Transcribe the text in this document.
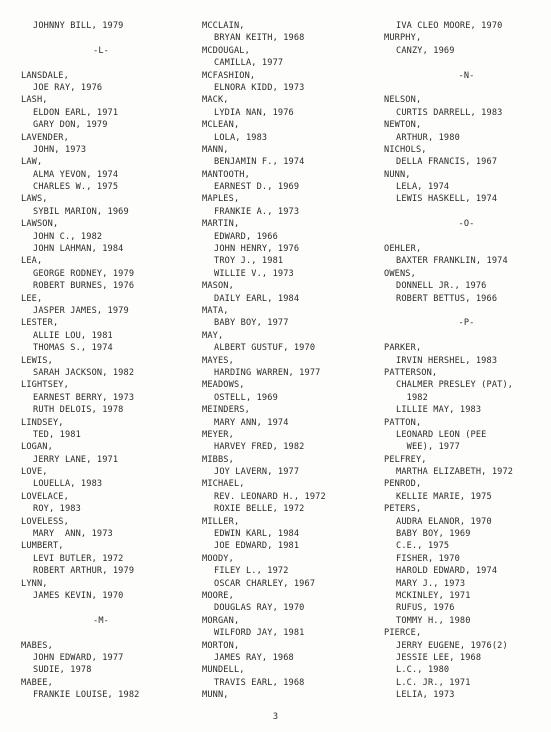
JOHNNY BILL, 1979
-L-
LANSDALE,
JOE RAY, 1976
LASH,
ELDON EARL, 1971
GARY DON, 1979
LAVENDER,
JOHN, 1973
LAW,
ALMA YEVON, 1974
CHARLES W., 1975
LAWS,
SYBIL MARION, 1969
LAWSON,
JOHN C., 1982
JOHN LAHMAN, 1984
LEA,
GEORGE RODNEY, 1979
ROBERT BURNES, 1976
LEE,
JASPER JAMES, 1979
LESTER,
ALLIE LOU, 1981
THOMAS S., 1974
LEWIS,
SARAH JACKSON, 1982
LIGHTSEY,
EARNEST BERRY, 1973
RUTH DELOIS, 1978
LINDSEY,
TED, 1981
LOGAN,
JERRY LANE, 1971
LOVE,
LOUELLA, 1983
LOVELACE,
ROY, 1983
LOVELESS,
MARY  ANN, 1973
LUMBERT,
LEVI BUTLER, 1972
ROBERT ARTHUR, 1979
LYNN,
JAMES KEVIN, 1970
-M-
MABES,
JOHN EDWARD, 1977
SUDIE, 1978
MABEE,
FRANKIE LOUISE, 1982
MCCLAIN,
BRYAN KEITH, 1968
MCDOUGAL,
CAMILLA, 1977
MCFASHION,
ELNORA KIDD, 1973
MACK,
LYDIA NAN, 1976
MCLEAN,
LOLA, 1983
MANN,
BENJAMIN F., 1974
MANTOOTH,
EARNEST D., 1969
MAPLES,
FRANKIE A., 1973
MARTIN,
EDWARD, 1966
JOHN HENRY, 1976
TROY J., 1981
WILLIE V., 1973
MASON,
DAILY EARL, 1984
MATA,
BABY BOY, 1977
MAY,
ALBERT GUSTUF, 1970
MAYES,
HARDING WARREN, 1977
MEADOWS,
OSTELL, 1969
MEINDERS,
MARY ANN, 1974
MEYER,
HARVEY FRED, 1982
MIBBS,
JOY LAVERN, 1977
MICHAEL,
REV. LEONARD H., 1972
ROXIE BELLE, 1972
MILLER,
EDWIN KARL, 1984
JOE EDWARD, 1981
MOODY,
FILEY L., 1972
OSCAR CHARLEY, 1967
MOORE,
DOUGLAS RAY, 1970
MORGAN,
WILFORD JAY, 1981
MORTON,
JAMES RAY, 1968
MUNDELL,
TRAVIS EARL, 1968
MUNN,
IVA CLEO MOORE, 1970
MURPHY,
CANZY, 1969
-N-
NELSON,
CURTIS DARRELL, 1983
NEWTON,
ARTHUR, 1980
NICHOLS,
DELLA FRANCIS, 1967
NUNN,
LELA, 1974
LEWIS HASKELL, 1974
-O-
OEHLER,
BAXTER FRANKLIN, 1974
OWENS,
DONNELL JR., 1976
ROBERT BETTUS, 1966
-P-
PARKER,
IRVIN HERSHEL, 1983
PATTERSON,
CHALMER PRESLEY (PAT),
1982
LILLIE MAY, 1983
PATTON,
LEONARD LEON (PEE
WEE), 1977
PELFREY,
MARTHA ELIZABETH, 1972
PENROD,
KELLIE MARIE, 1975
PETERS,
AUDRA ELANOR, 1970
BABY BOY, 1969
C.E., 1975
FISHER, 1970
HAROLD EDWARD, 1974
MARY J., 1973
MCKINLEY, 1971
RUFUS, 1976
TOMMY H., 1980
PIERCE,
JERRY EUGENE, 1976(2)
JESSIE LEE, 1968
L.C., 1980
L.C. JR., 1971
LELIA, 1973
3
